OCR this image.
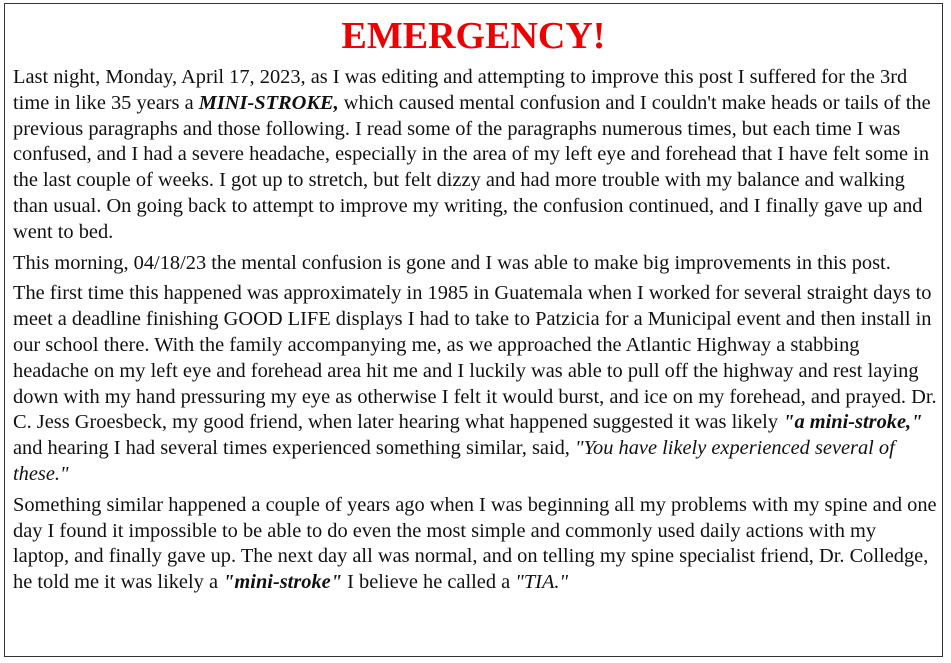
EMERGENCY!

Last night, Monday, April 17, 2023, as I was editing and attempting to improve this post I suffered for the 3rd time in like 35 years a MINI-STROKE, which caused mental confusion and I couldn't make heads or tails of the previous paragraphs and those following. I read some of the paragraphs numerous times, but each time I was confused, and I had a severe headache, especially in the area of my left eye and forehead that I have felt some in the last couple of weeks. I got up to stretch, but felt dizzy and had more trouble with my balance and walking than usual. On going back to attempt to improve my writing, the confusion continued, and I finally gave up and went to bed.

This morning, 04/18/23 the mental confusion is gone and I was able to make big improvements in this post.

The first time this happened was approximately in 1985 in Guatemala when I worked for several straight days to meet a deadline finishing GOOD LIFE displays I had to take to Patzicia for a Municipal event and then install in our school there. With the family accompanying me, as we approached the Atlantic Highway a stabbing headache on my left eye and forehead area hit me and I luckily was able to pull off the highway and rest laying down with my hand pressuring my eye as otherwise I felt it would burst, and ice on my forehead, and prayed. Dr. C. Jess Groesbeck, my good friend, when later hearing what happened suggested it was likely "a mini-stroke," and hearing I had several times experienced something similar, said, "You have likely experienced several of these."

Something similar happened a couple of years ago when I was beginning all my problems with my spine and one day I found it impossible to be able to do even the most simple and commonly used daily actions with my laptop, and finally gave up. The next day all was normal, and on telling my spine specialist friend, Dr. Colledge, he told me it was likely a "mini-stroke" I believe he called a "TIA."
